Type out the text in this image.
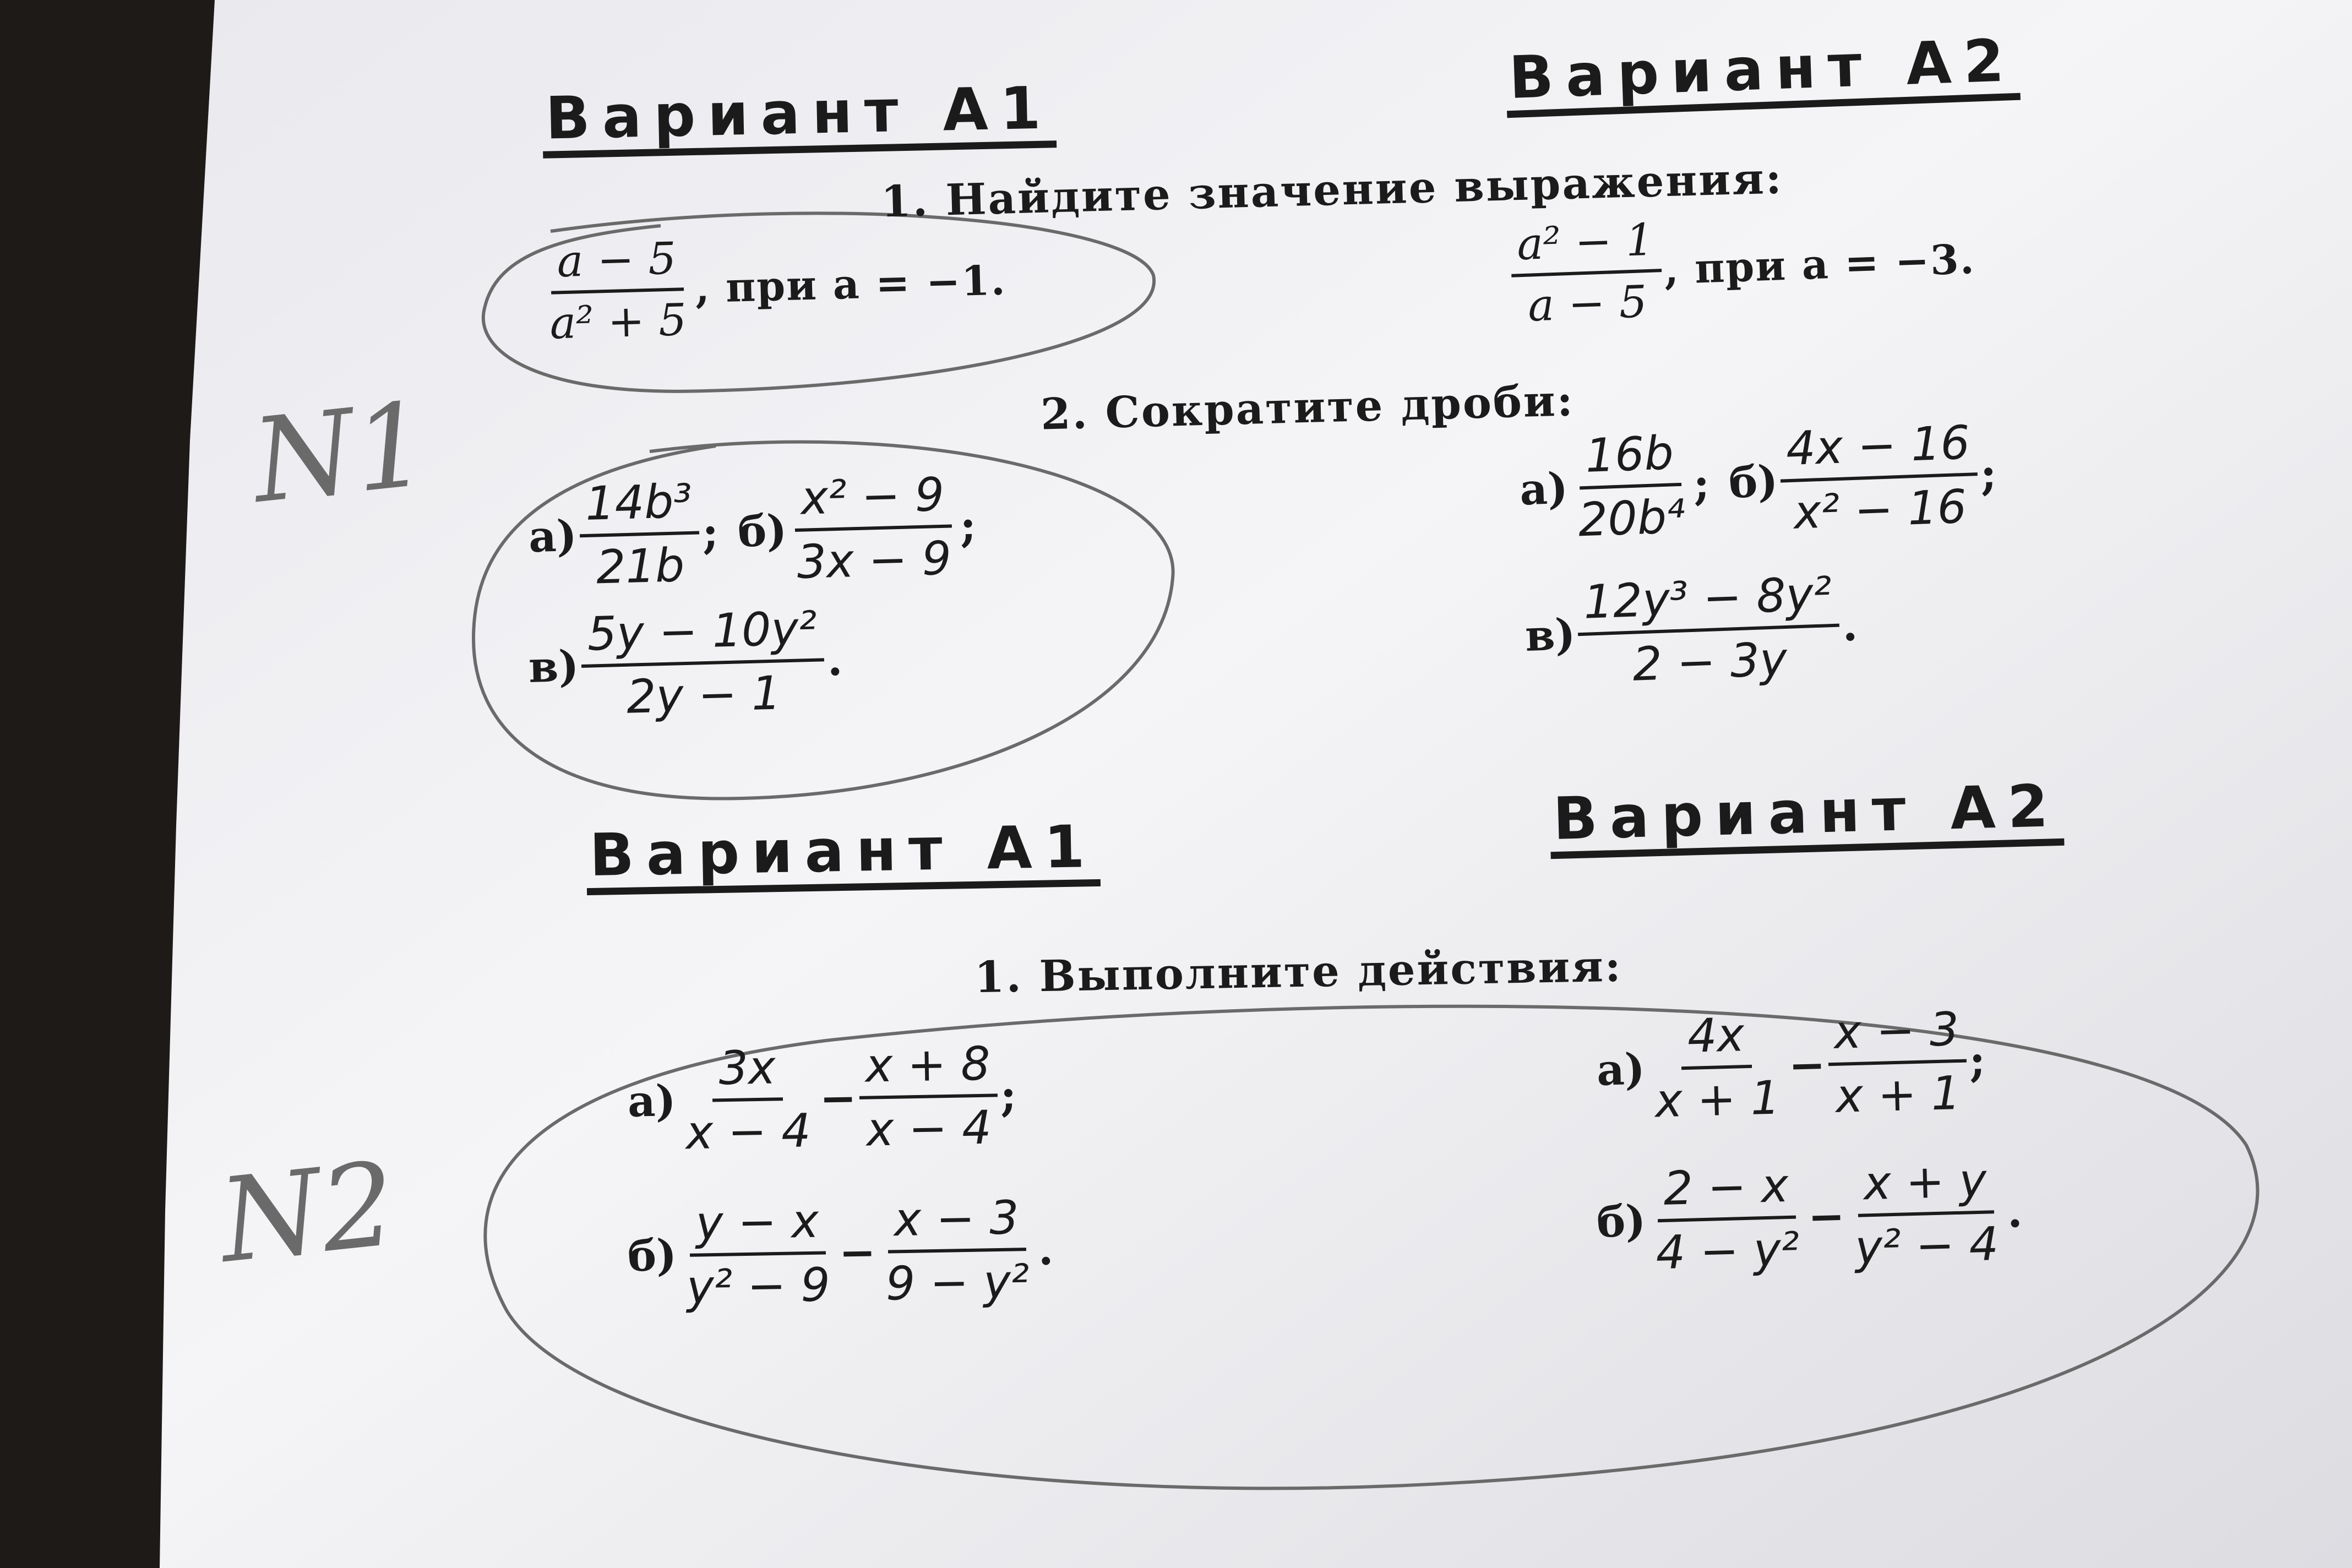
Вариант А1
Вариант А2
1. Найдите значение выражения:
$\frac{a - 5}{\text{a² + 5}}$ , при a = −1.	$\frac{\text{a² − 1}}{a - 5}$ , при a = −3.
2. Сократите дроби:
$а) \frac{\text{14b³}}{21b}$ ; $б) \frac{\text{x² − 9}}{3x - 9}$ ;
$в) \frac{\text{5y − 10y²}}{2y - 1}$ .
$а) \frac{16b}{\text{20b⁴}}$ ; $б) \frac{4x - 16}{\text{x² − 16}}$ ;
$в) \frac{\text{12y³ − 8y²}}{2 - 3y}$ .
Вариант А1	Вариант А2
1. Выполните действия:
$а) \frac{3x}{x - 4} - \frac{x + 8}{x - 4}$ ;
$б) \frac{y - x}{\text{y² − 9}} - \frac{x - 3}{\text{9 − y²}}$ .
$а) \frac{4x}{x + 1} - \frac{x - 3}{x + 1}$ ;
$б) \frac{2 - x}{\text{4 − y²}} - \frac{x + y}{\text{y² − 4}}$ .
N1
N2
